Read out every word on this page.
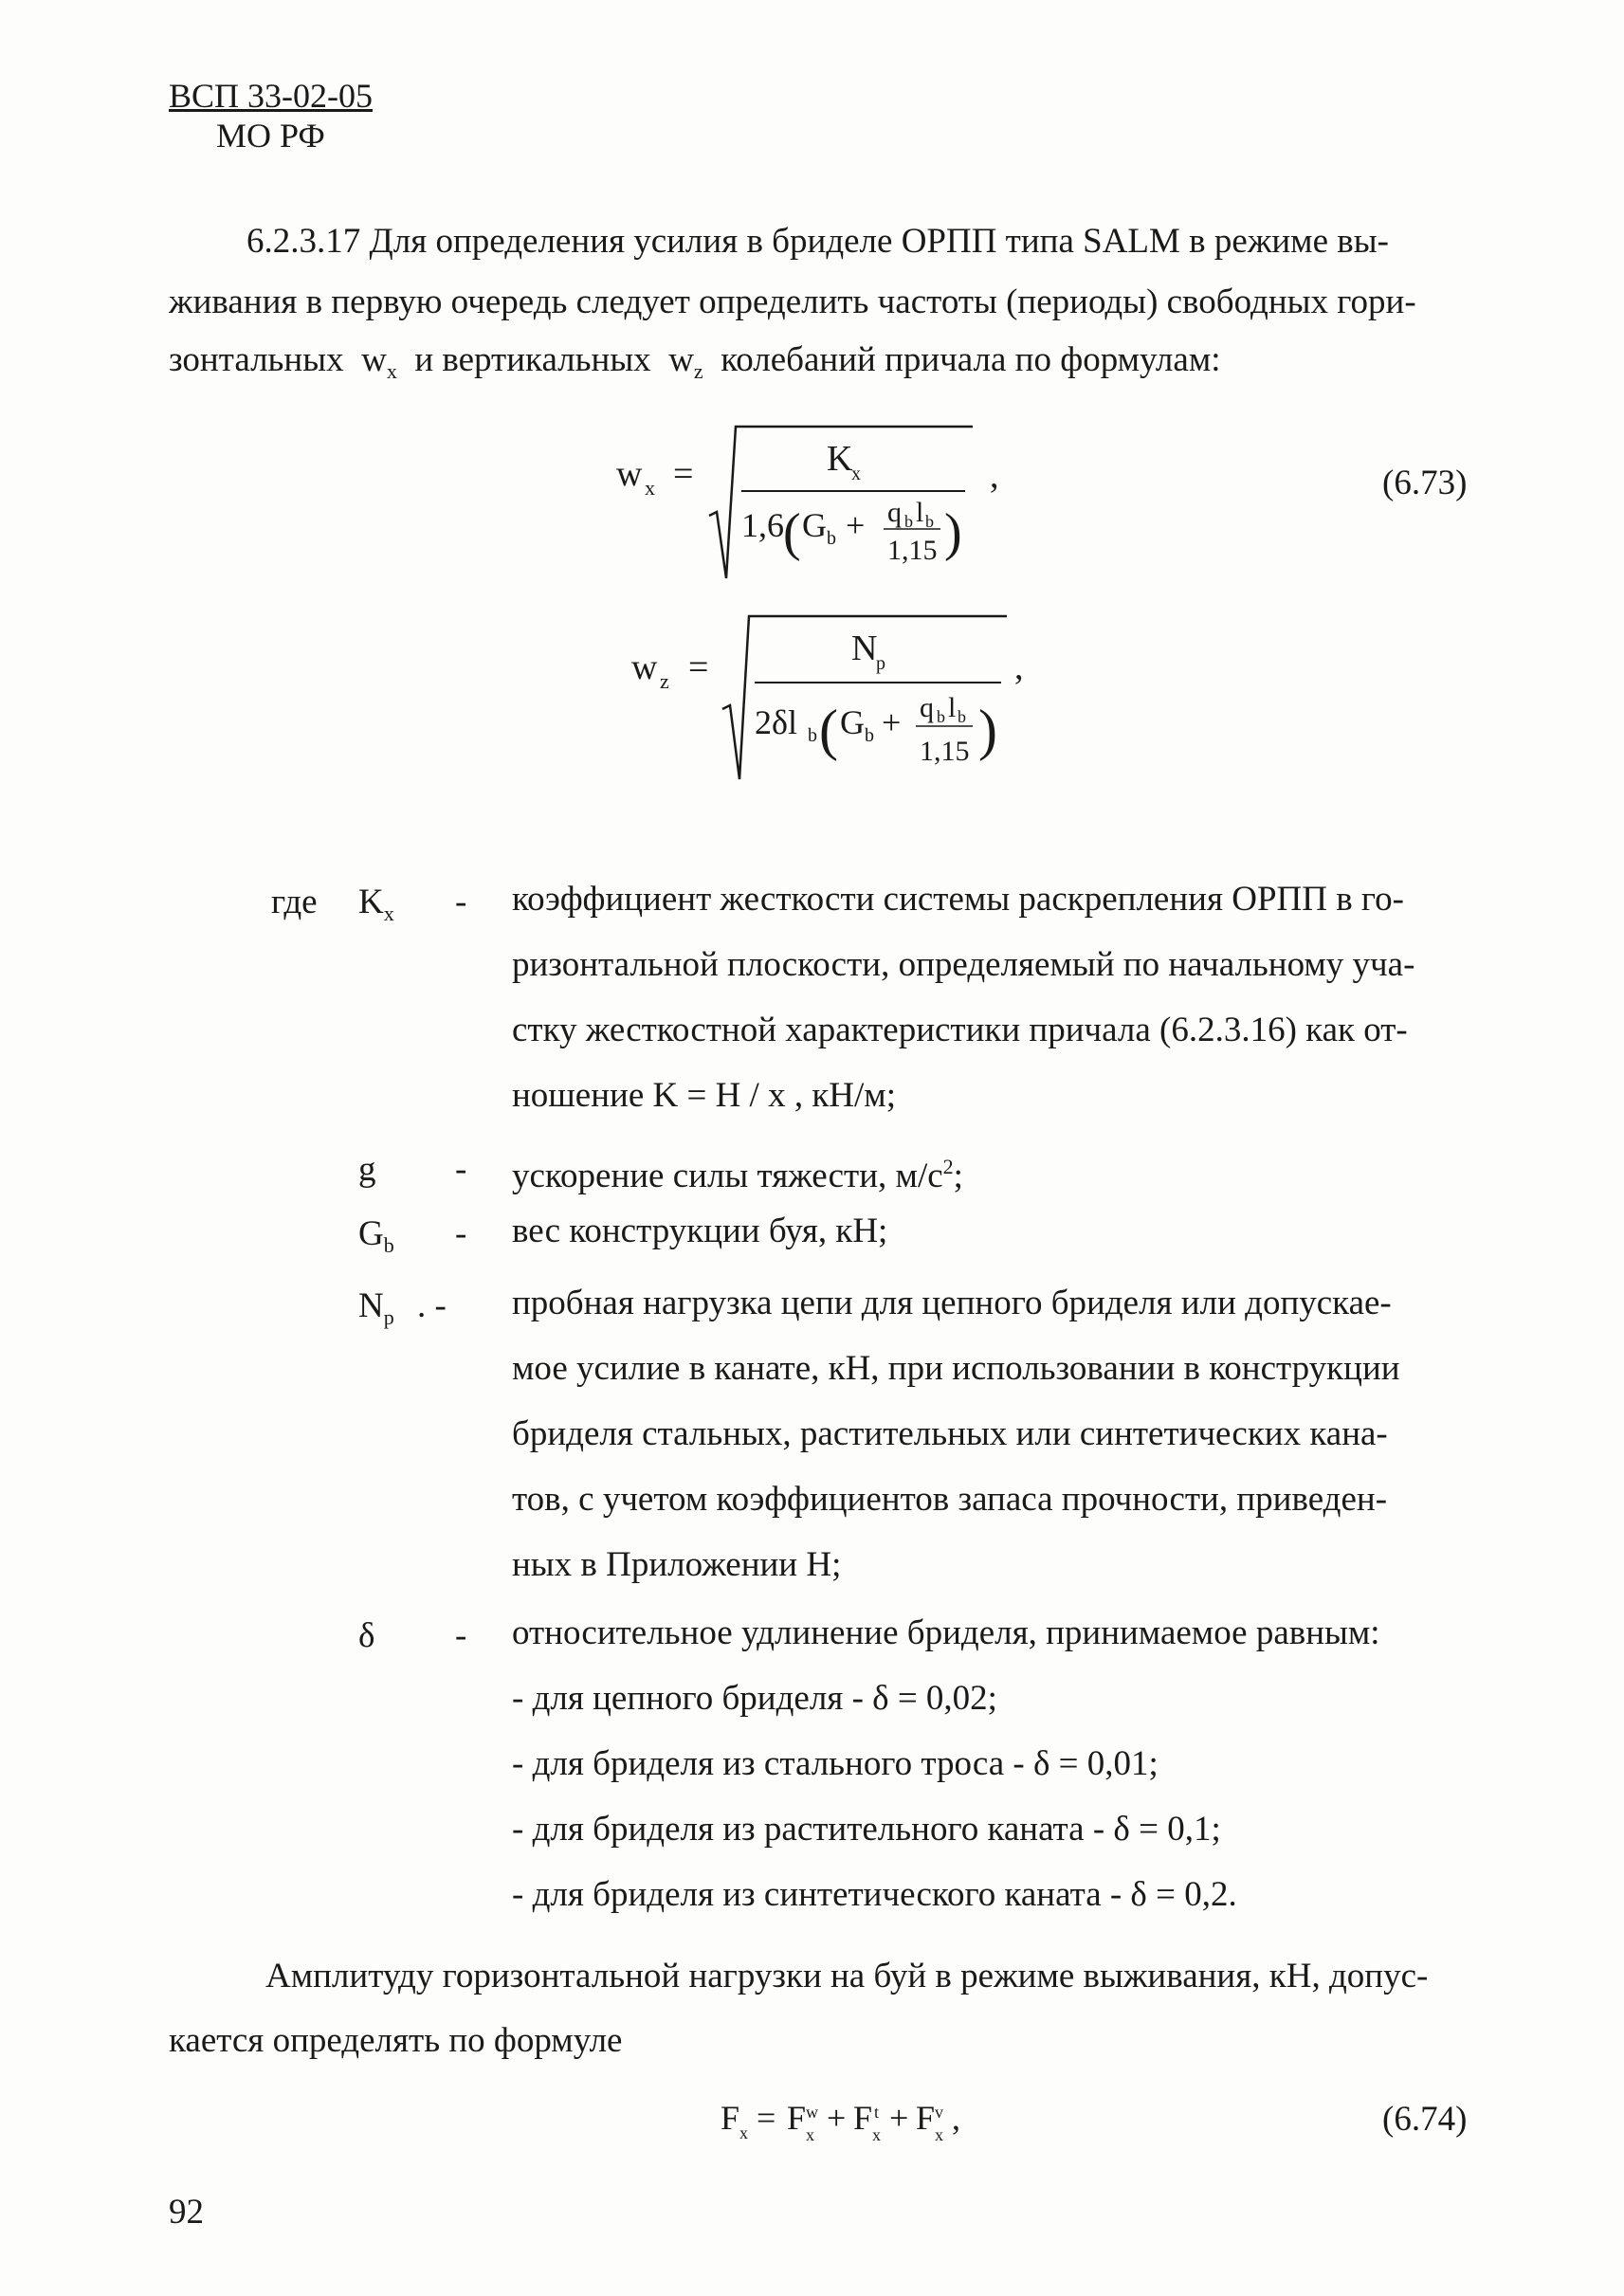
ВСП 33-02-05
МО РФ
6.2.3.17 Для определения усилия в бриделе ОРПП типа SALM в режиме вы-
живания в первую очередь следует определить частоты (периоды) свободных гори-
зонтальных  $w_x$ и вертикальных  $w_z$ колебаний причала по формулам:
w x =	K
x
1,6 ( G b + q b l b
1,15 )
,	(6.73)
w z =	N
p
2δl b ( G b + q b l b
1,15 )
,
где $K_x$ - коэффициент жесткости системы раскрепления ОРПП в го-
ризонтальной плоскости, определяемый по начальному уча-
стку жесткостной характеристики причала (6.2.3.16) как от-
ношение K = H / x , кН/м;
g - ускорение силы тяжести, $м/с^2$;
$G_b$ - вес конструкции буя, кН;
$N_p$ . - пробная нагрузка цепи для цепного бриделя или допускае-
мое усилие в канате, кН, при использовании в конструкции
бриделя стальных, растительных или синтетических кана-
тов, с учетом коэффициентов запаса прочности, приведен-
ных в Приложении Н;
δ - относительное удлинение бриделя, принимаемое равным:
- для цепного бриделя - δ = 0,02;
- для бриделя из стального троса - δ = 0,01;
- для бриделя из растительного каната - δ = 0,1;
- для бриделя из синтетического каната - δ = 0,2.
Амплитуду горизонтальной нагрузки на буй в режиме выживания, кН, допус-
кается определять по формуле
F x = F w
x + F t
x + F v
x ,	(6.74)
92
